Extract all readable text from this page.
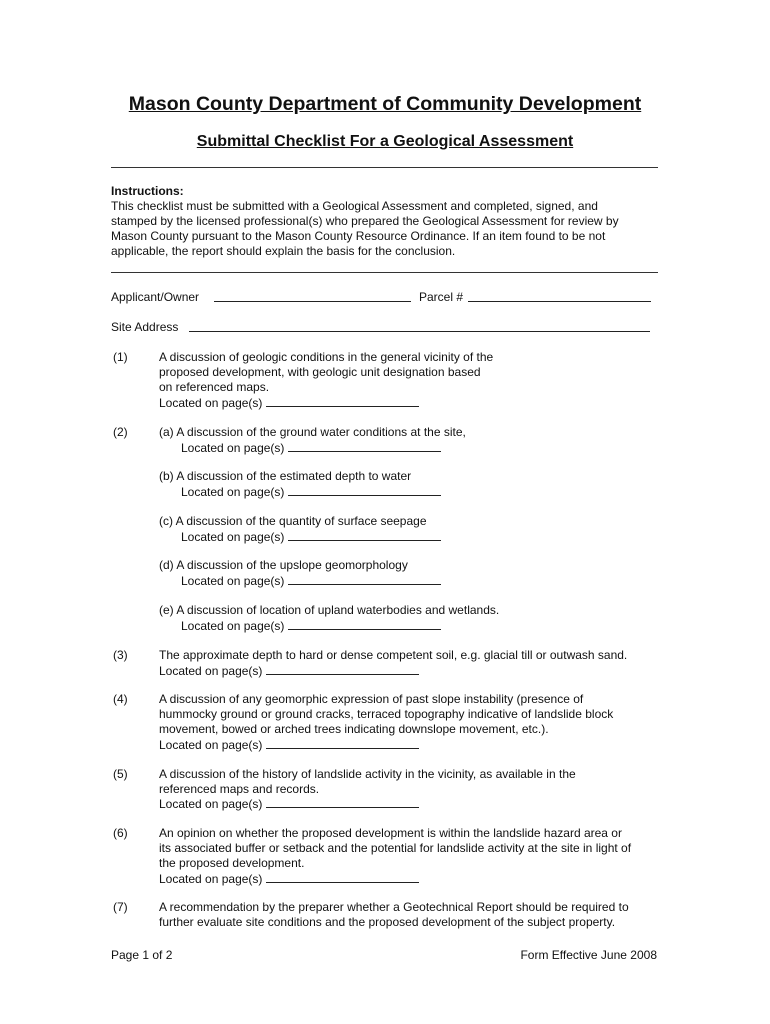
Mason County Department of Community Development
Submittal Checklist For a Geological Assessment
Instructions:
This checklist must be submitted with a Geological Assessment and completed, signed, and
stamped by the licensed professional(s) who prepared the Geological Assessment for review by
Mason County pursuant to the Mason County Resource Ordinance. If an item found to be not
applicable, the report should explain the basis for the conclusion.
Applicant/Owner	Parcel #
Site Address
(1)	A discussion of geologic conditions in the general vicinity of the
proposed development, with geologic unit designation based
on referenced maps.
Located on page(s)
(2)	(a) A discussion of the ground water conditions at the site,
Located on page(s)
(b) A discussion of the estimated depth to water
Located on page(s)
(c) A discussion of the quantity of surface seepage
Located on page(s)
(d) A discussion of the upslope geomorphology
Located on page(s)
(e) A discussion of location of upland waterbodies and wetlands.
Located on page(s)
(3)	The approximate depth to hard or dense competent soil, e.g. glacial till or outwash sand.
Located on page(s)
(4)	A discussion of any geomorphic expression of past slope instability (presence of
hummocky ground or ground cracks, terraced topography indicative of landslide block
movement, bowed or arched trees indicating downslope movement, etc.).
Located on page(s)
(5)	A discussion of the history of landslide activity in the vicinity, as available in the
referenced maps and records.
Located on page(s)
(6)	An opinion on whether the proposed development is within the landslide hazard area or
its associated buffer or setback and the potential for landslide activity at the site in light of
the proposed development.
Located on page(s)
(7)	A recommendation by the preparer whether a Geotechnical Report should be required to
further evaluate site conditions and the proposed development of the subject property.
Page 1 of 2	Form Effective June 2008
